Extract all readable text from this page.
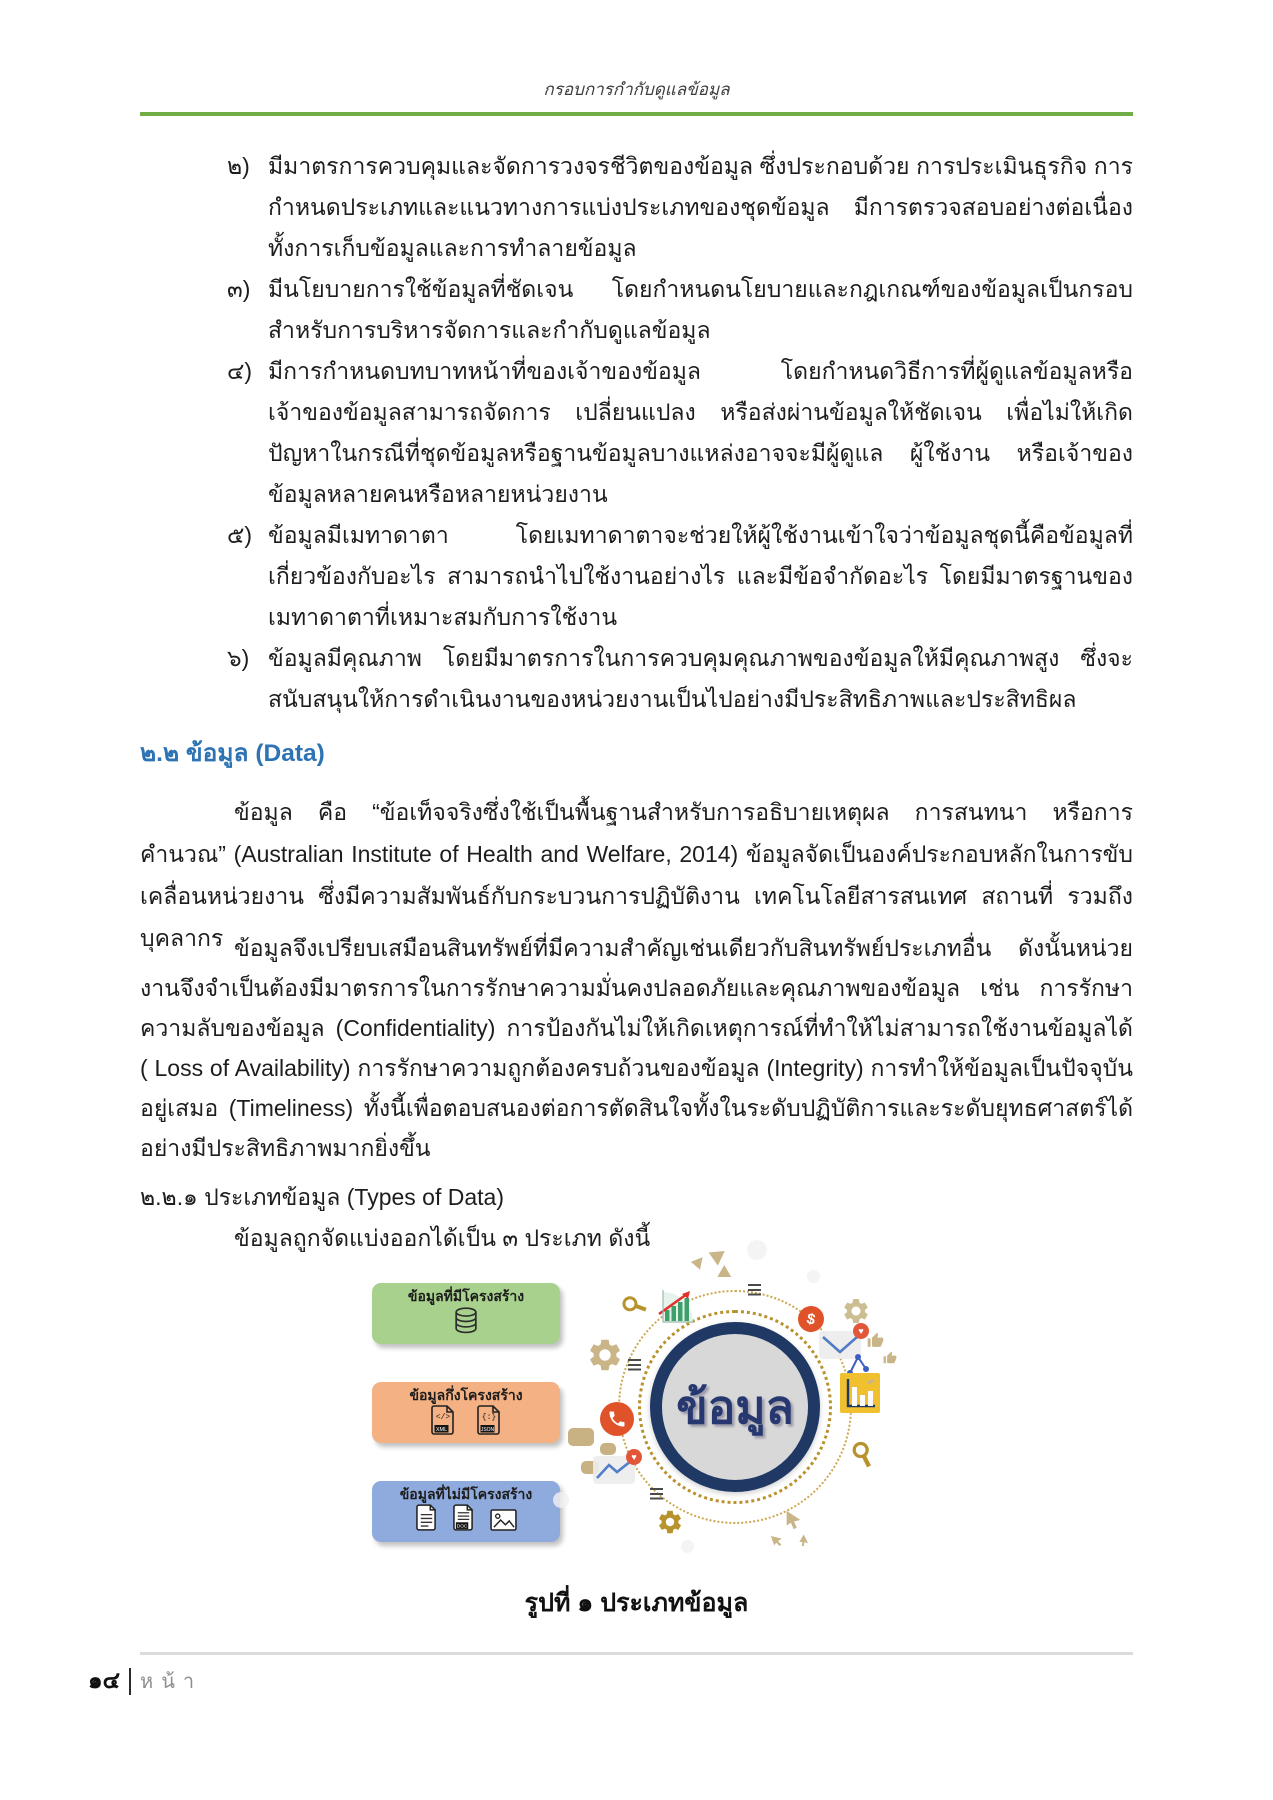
กรอบการกำกับดูแลข้อมูล
๒) มีมาตรการควบคุมและจัดการวงจรชีวิตของข้อมูล ซึ่งประกอบด้วย การประเมินธุรกิจ การกำหนดประเภทและแนวทางการแบ่งประเภทของชุดข้อมูล มีการตรวจสอบอย่างต่อเนื่อง ทั้งการเก็บข้อมูลและการทำลายข้อมูล
๓) มีนโยบายการใช้ข้อมูลที่ชัดเจน โดยกำหนดนโยบายและกฎเกณฑ์ของข้อมูลเป็นกรอบสำหรับการบริหารจัดการและกำกับดูแลข้อมูล
๔) มีการกำหนดบทบาทหน้าที่ของเจ้าของข้อมูล โดยกำหนดวิธีการที่ผู้ดูแลข้อมูลหรือเจ้าของข้อมูลสามารถจัดการ เปลี่ยนแปลง หรือส่งผ่านข้อมูลให้ชัดเจน เพื่อไม่ให้เกิดปัญหาในกรณีที่ชุดข้อมูลหรือฐานข้อมูลบางแหล่งอาจจะมีผู้ดูแล ผู้ใช้งาน หรือเจ้าของข้อมูลหลายคนหรือหลายหน่วยงาน
๕) ข้อมูลมีเมทาดาตา โดยเมทาดาตาจะช่วยให้ผู้ใช้งานเข้าใจว่าข้อมูลชุดนี้คือข้อมูลที่เกี่ยวข้องกับอะไร สามารถนำไปใช้งานอย่างไร และมีข้อจำกัดอะไร โดยมีมาตรฐานของเมทาดาตาที่เหมาะสมกับการใช้งาน
๖) ข้อมูลมีคุณภาพ โดยมีมาตรการในการควบคุมคุณภาพของข้อมูลให้มีคุณภาพสูง ซึ่งจะสนับสนุนให้การดำเนินงานของหน่วยงานเป็นไปอย่างมีประสิทธิภาพและประสิทธิผล
๒.๒ ข้อมูล (Data)
ข้อมูล คือ “ข้อเท็จจริงซึ่งใช้เป็นพื้นฐานสำหรับการอธิบายเหตุผล การสนทนา หรือการคำนวณ” (Australian Institute of Health and Welfare, 2014) ข้อมูลจัดเป็นองค์ประกอบหลักในการขับเคลื่อนหน่วยงาน ซึ่งมีความสัมพันธ์กับกระบวนการปฏิบัติงาน เทคโนโลยีสารสนเทศ สถานที่ รวมถึงบุคลากร ข้อมูลจึงเปรียบเสมือนสินทรัพย์ที่มีความสำคัญเช่นเดียวกับสินทรัพย์ประเภทอื่น ดังนั้นหน่วยงานจึงจำเป็นต้องมีมาตรการในการรักษาความมั่นคงปลอดภัยและคุณภาพของข้อมูล เช่น การรักษาความลับของข้อมูล (Confidentiality) การป้องกันไม่ให้เกิดเหตุการณ์ที่ทำให้ไม่สามารถใช้งานข้อมูลได้ ( Loss of Availability) การรักษาความถูกต้องครบถ้วนของข้อมูล (Integrity) การทำให้ข้อมูลเป็นปัจจุบันอยู่เสมอ (Timeliness) ทั้งนี้เพื่อตอบสนองต่อการตัดสินใจทั้งในระดับปฏิบัติการและระดับยุทธศาสตร์ได้อย่างมีประสิทธิภาพมากยิ่งขึ้น
๒.๒.๑ ประเภทข้อมูล (Types of Data)
ข้อมูลถูกจัดแบ่งออกได้เป็น ๓ ประเภท ดังนี้
ข้อมูลที่มีโครงสร้าง
ข้อมูลกึ่งโครงสร้าง
</>
XML
{:}
JSON
ข้อมูลที่ไม่มีโครงสร้าง
DOC
ข้อมูล
%
♥
$
♥
รูปที่ ๑ ประเภทข้อมูล
๑๔ หน้า
